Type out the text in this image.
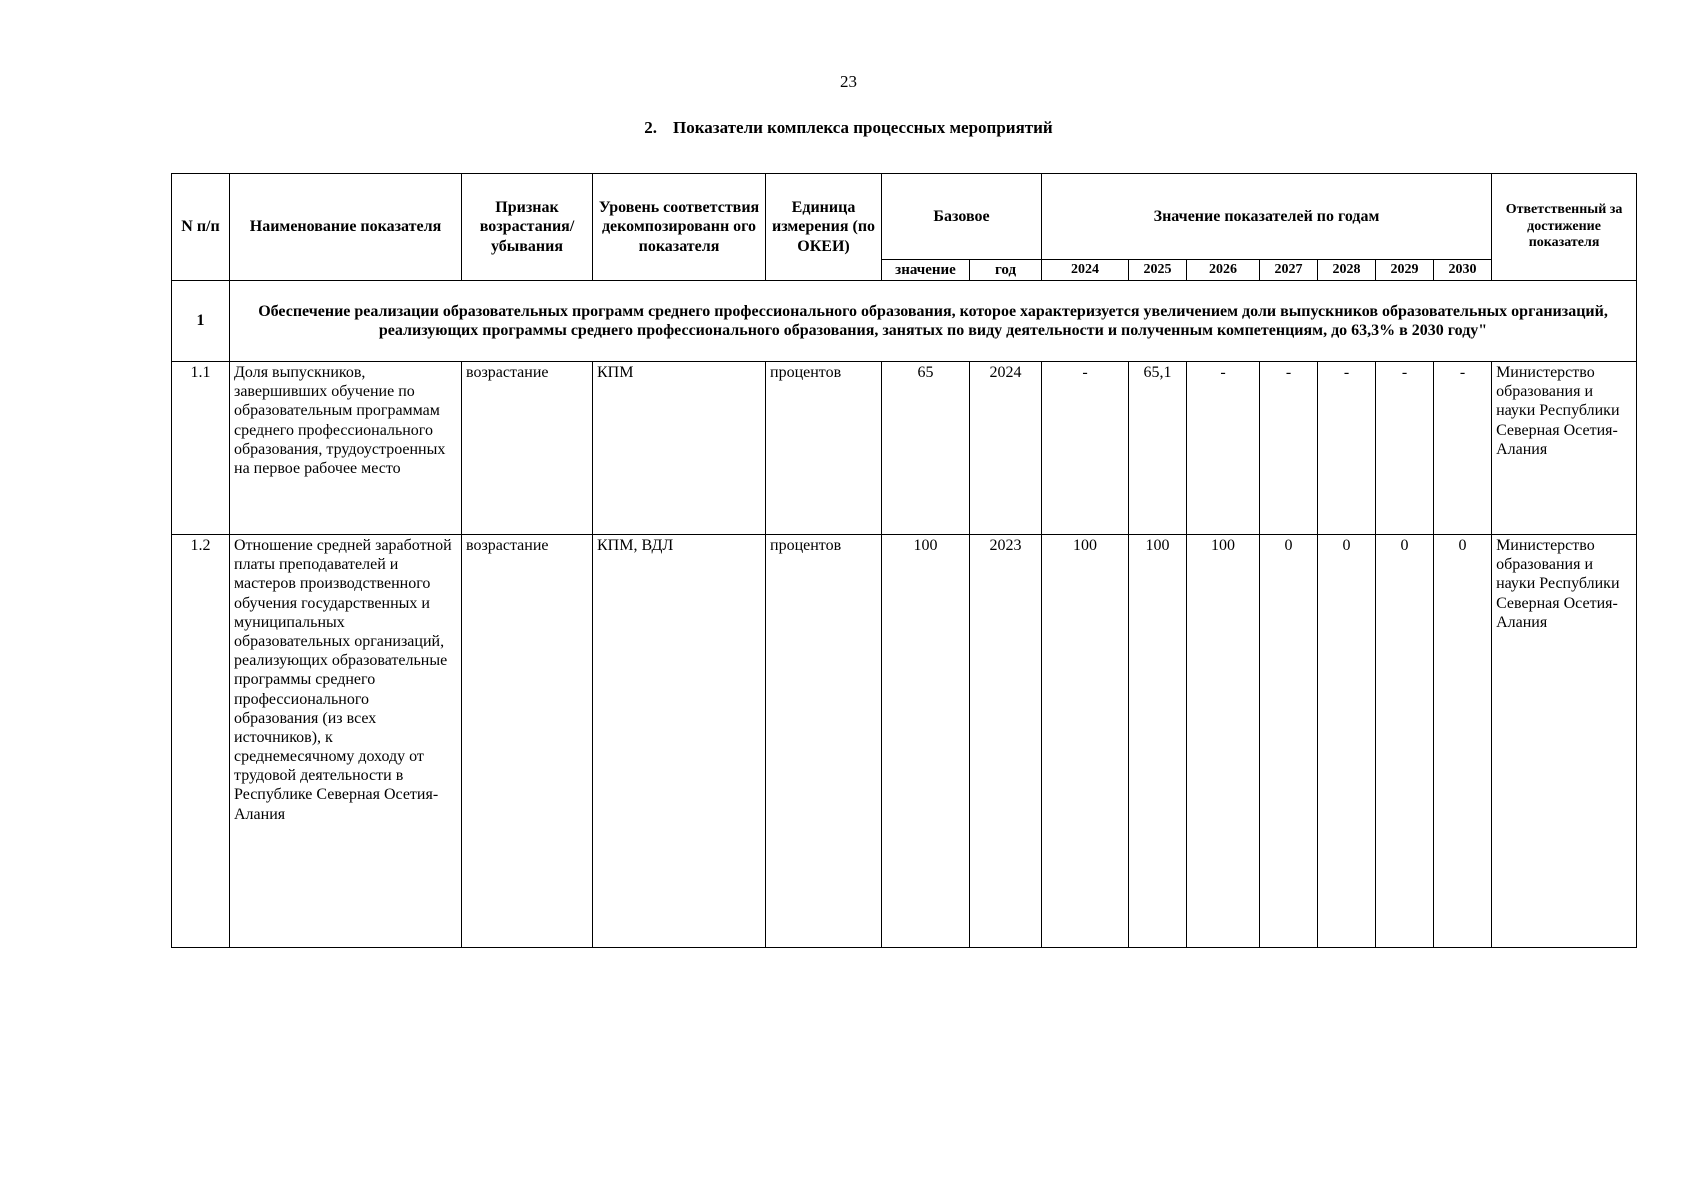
23
2. Показатели комплекса процессных мероприятий
N п/п	Наименование показателя	Признак возрастания/ убывания	Уровень соответствия декомпозированн ого показателя	Единица измерения (по ОКЕИ)	Базовое		Значение показателей по годам							Ответственный за достижение показателя
					значение	год	2024	2025	2026	2027	2028	2029	2030	
1	Обеспечение реализации образовательных программ среднего профессионального образования, которое характеризуется увеличением доли выпускников образовательных организаций, реализующих программы среднего профессионального образования, занятых по виду деятельности и полученным компетенциям, до 63,3% в 2030 году"													
1.1	Доля выпускников, завершивших обучение по образовательным программам среднего профессионального образования, трудоустроенных на первое рабочее место	возрастание	КПМ	процентов	65	2024	-	65,1	-	-	-	-	-	Министерство образования и науки Республики Северная Осетия-Алания
1.2	Отношение средней заработной платы преподавателей и мастеров производственного обучения государственных и муниципальных образовательных организаций, реализующих образовательные программы среднего профессионального образования (из всех источников), к среднемесячному доходу от трудовой деятельности в Республике Северная Осетия-Алания	возрастание	КПМ, ВДЛ	процентов	100	2023	100	100	100	0	0	0	0	Министерство образования и науки Республики Северная Осетия-Алания
